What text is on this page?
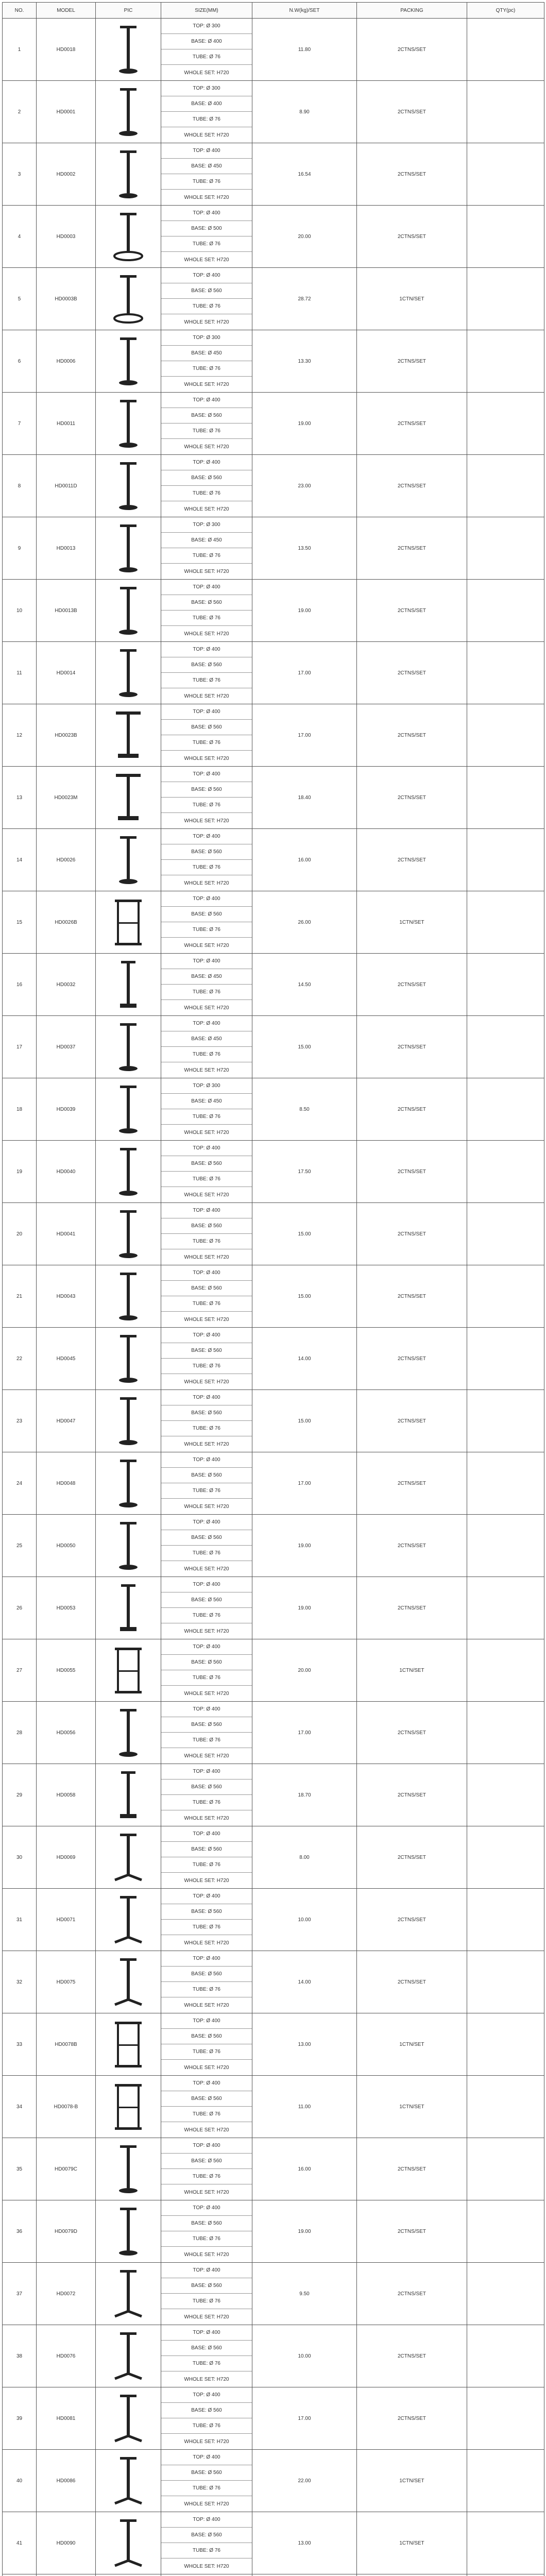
NO.	MODEL	PIC	SIZE(MM)	N.W(kg)/SET	PACKING	QTY(pc)
1	HD0018		TOP: Ø 300
BASE: Ø 400
TUBE: Ø 76
WHOLE SET: H720	11.80	2CTNS/SET	
2	HD0001		TOP: Ø 300
BASE: Ø 400
TUBE: Ø 76
WHOLE SET: H720	8.90	2CTNS/SET	
3	HD0002		TOP: Ø 400
BASE: Ø 450
TUBE: Ø 76
WHOLE SET: H720	16.54	2CTNS/SET	
4	HD0003		TOP: Ø 400
BASE: Ø 500
TUBE: Ø 76
WHOLE SET: H720	20.00	2CTNS/SET	
5	HD0003B		TOP: Ø 400
BASE: Ø 560
TUBE: Ø 76
WHOLE SET: H720	28.72	1CTN/SET	
6	HD0006		TOP: Ø 300
BASE: Ø 450
TUBE: Ø 76
WHOLE SET: H720	13.30	2CTNS/SET	
7	HD0011		TOP: Ø 400
BASE: Ø 560
TUBE: Ø 76
WHOLE SET: H720	19.00	2CTNS/SET	
8	HD0011D		TOP: Ø 400
BASE: Ø 560
TUBE: Ø 76
WHOLE SET: H720	23.00	2CTNS/SET	
9	HD0013		TOP: Ø 300
BASE: Ø 450
TUBE: Ø 76
WHOLE SET: H720	13.50	2CTNS/SET	
10	HD0013B		TOP: Ø 400
BASE: Ø 560
TUBE: Ø 76
WHOLE SET: H720	19.00	2CTNS/SET	
11	HD0014		TOP: Ø 400
BASE: Ø 560
TUBE: Ø 76
WHOLE SET: H720	17.00	2CTNS/SET	
12	HD0023B		TOP: Ø 400
BASE: Ø 560
TUBE: Ø 76
WHOLE SET: H720	17.00	2CTNS/SET	
13	HD0023M		TOP: Ø 400
BASE: Ø 560
TUBE: Ø 76
WHOLE SET: H720	18.40	2CTNS/SET	
14	HD0026		TOP: Ø 400
BASE: Ø 560
TUBE: Ø 76
WHOLE SET: H720	16.00	2CTNS/SET	
15	HD0026B		TOP: Ø 400
BASE: Ø 560
TUBE: Ø 76
WHOLE SET: H720	26.00	1CTN/SET	
16	HD0032		TOP: Ø 400
BASE: Ø 450
TUBE: Ø 76
WHOLE SET: H720	14.50	2CTNS/SET	
17	HD0037		TOP: Ø 400
BASE: Ø 450
TUBE: Ø 76
WHOLE SET: H720	15.00	2CTNS/SET	
18	HD0039		TOP: Ø 300
BASE: Ø 450
TUBE: Ø 76
WHOLE SET: H720	8.50	2CTNS/SET	
19	HD0040		TOP: Ø 400
BASE: Ø 560
TUBE: Ø 76
WHOLE SET: H720	17.50	2CTNS/SET	
20	HD0041		TOP: Ø 400
BASE: Ø 560
TUBE: Ø 76
WHOLE SET: H720	15.00	2CTNS/SET	
21	HD0043		TOP: Ø 400
BASE: Ø 560
TUBE: Ø 76
WHOLE SET: H720	15.00	2CTNS/SET	
22	HD0045		TOP: Ø 400
BASE: Ø 560
TUBE: Ø 76
WHOLE SET: H720	14.00	2CTNS/SET	
23	HD0047		TOP: Ø 400
BASE: Ø 560
TUBE: Ø 76
WHOLE SET: H720	15.00	2CTNS/SET	
24	HD0048		TOP: Ø 400
BASE: Ø 560
TUBE: Ø 76
WHOLE SET: H720	17.00	2CTNS/SET	
25	HD0050		TOP: Ø 400
BASE: Ø 560
TUBE: Ø 76
WHOLE SET: H720	19.00	2CTNS/SET	
26	HD0053		TOP: Ø 400
BASE: Ø 560
TUBE: Ø 76
WHOLE SET: H720	19.00	2CTNS/SET	
27	HD0055		TOP: Ø 400
BASE: Ø 560
TUBE: Ø 76
WHOLE SET: H720	20.00	1CTN/SET	
28	HD0056		TOP: Ø 400
BASE: Ø 560
TUBE: Ø 76
WHOLE SET: H720	17.00	2CTNS/SET	
29	HD0058		TOP: Ø 400
BASE: Ø 560
TUBE: Ø 76
WHOLE SET: H720	18.70	2CTNS/SET	
30	HD0069		TOP: Ø 400
BASE: Ø 560
TUBE: Ø 76
WHOLE SET: H720	8.00	2CTNS/SET	
31	HD0071		TOP: Ø 400
BASE: Ø 560
TUBE: Ø 76
WHOLE SET: H720	10.00	2CTNS/SET	
32	HD0075		TOP: Ø 400
BASE: Ø 560
TUBE: Ø 76
WHOLE SET: H720	14.00	2CTNS/SET	
33	HD0078B		TOP: Ø 400
BASE: Ø 560
TUBE: Ø 76
WHOLE SET: H720	13.00	1CTN/SET	
34	HD0078-B		TOP: Ø 400
BASE: Ø 560
TUBE: Ø 76
WHOLE SET: H720	11.00	1CTN/SET	
35	HD0079C		TOP: Ø 400
BASE: Ø 560
TUBE: Ø 76
WHOLE SET: H720	16.00	2CTNS/SET	
36	HD0079D		TOP: Ø 400
BASE: Ø 560
TUBE: Ø 76
WHOLE SET: H720	19.00	2CTNS/SET	
37	HD0072		TOP: Ø 400
BASE: Ø 560
TUBE: Ø 76
WHOLE SET: H720	9.50	2CTNS/SET	
38	HD0076		TOP: Ø 400
BASE: Ø 560
TUBE: Ø 76
WHOLE SET: H720	10.00	2CTNS/SET	
39	HD0081		TOP: Ø 400
BASE: Ø 560
TUBE: Ø 76
WHOLE SET: H720	17.00	2CTNS/SET	
40	HD0086		TOP: Ø 400
BASE: Ø 560
TUBE: Ø 76
WHOLE SET: H720	22.00	1CTN/SET	
41	HD0090		TOP: Ø 400
BASE: Ø 560
TUBE: Ø 76
WHOLE SET: H720	13.00	1CTN/SET	
